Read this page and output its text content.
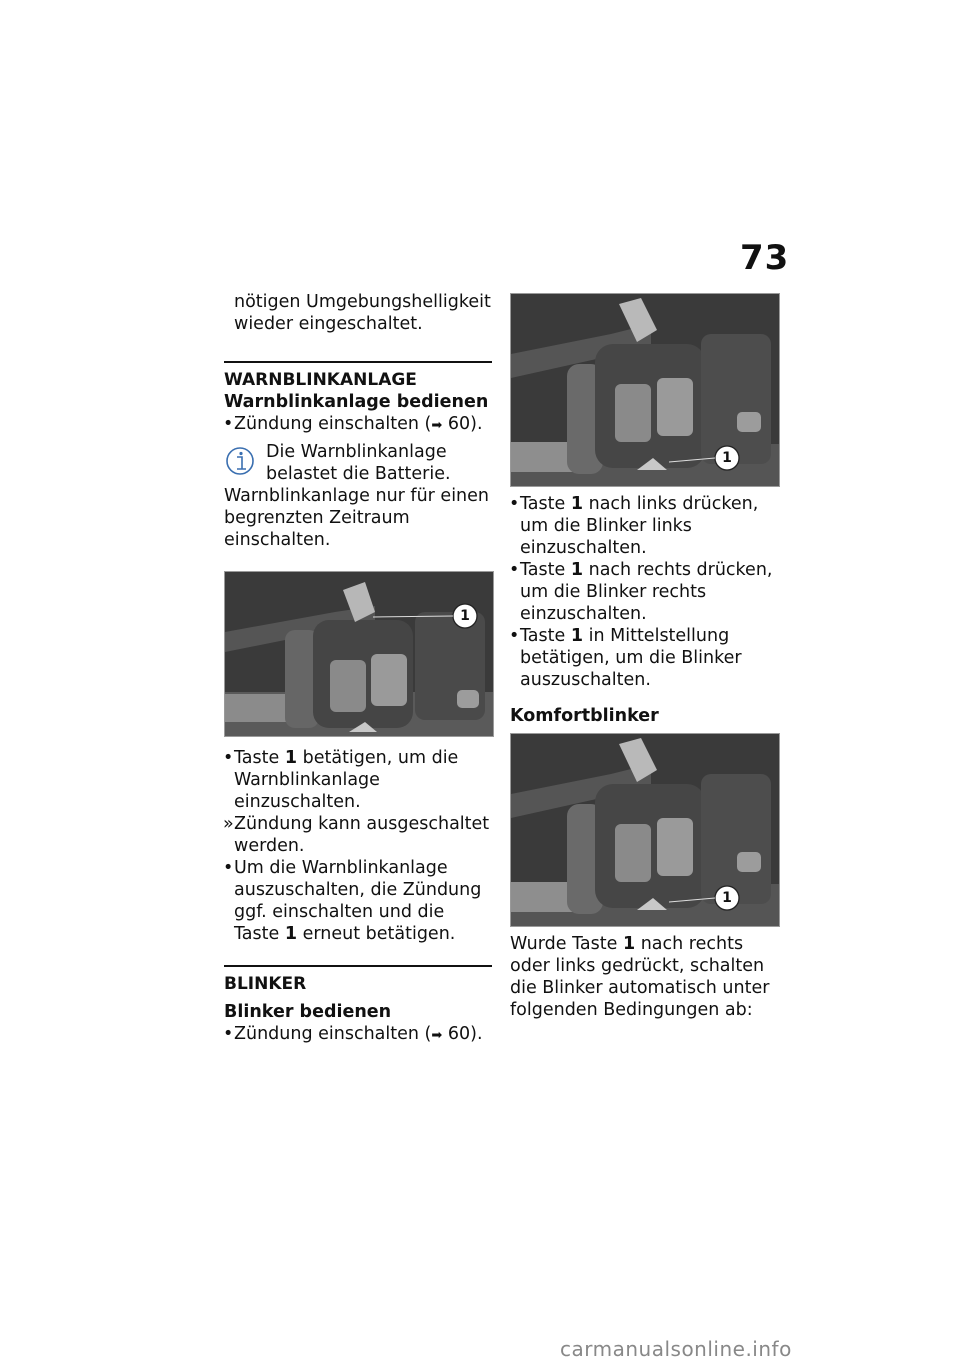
73

nötigen Umgebungshelligkeit wieder eingeschaltet.

WARNBLINKANLAGE

Warnblinkanlage bedienen

• Zündung einschalten (➡ 60).
Die Warnblinkanlage belastet die Batterie. Warnblinkanlage nur für einen begrenzten Zeitraum einschalten.
1
• Taste 1 betätigen, um die Warnblinkanlage einzuschalten.
» Zündung kann ausgeschaltet werden.
• Um die Warnblinkanlage auszuschalten, die Zündung ggf. einschalten und die Taste 1 erneut betätigen.

BLINKER

Blinker bedienen

• Zündung einschalten (➡ 60).
1
• Taste 1 nach links drücken, um die Blinker links einzuschalten.
• Taste 1 nach rechts drücken, um die Blinker rechts einzuschalten.
• Taste 1 in Mittelstellung betätigen, um die Blinker auszuschalten.

Komfortblinker

1

Wurde Taste 1 nach rechts oder links gedrückt, schalten die Blinker automatisch unter folgenden Bedingungen ab:

carmanualsonline.info
